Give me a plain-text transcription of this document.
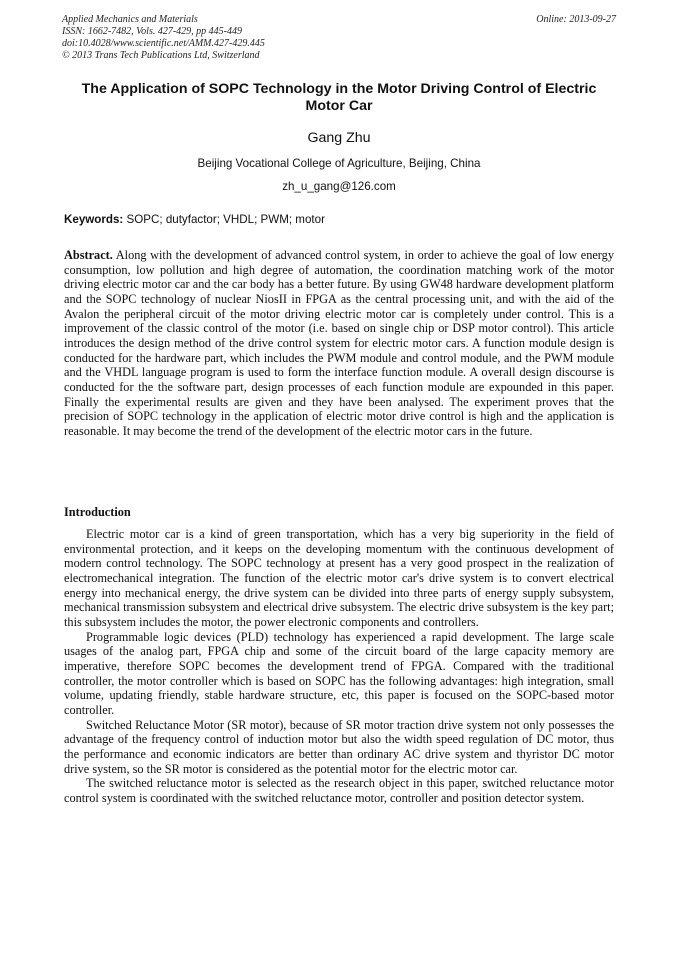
Applied Mechanics and Materials
ISSN: 1662-7482, Vols. 427-429, pp 445-449
doi:10.4028/www.scientific.net/AMM.427-429.445
© 2013 Trans Tech Publications Ltd, Switzerland
Online: 2013-09-27
The Application of SOPC Technology in the Motor Driving Control of Electric Motor Car
Gang Zhu
Beijing Vocational College of Agriculture, Beijing, China
zh_u_gang@126.com
Keywords: SOPC; dutyfactor; VHDL; PWM; motor
Abstract. Along with the development of advanced control system, in order to achieve the goal of low energy consumption, low pollution and high degree of automation, the coordination matching work of the motor driving electric motor car and the car body has a better future. By using GW48 hardware development platform and the SOPC technology of nuclear NiosII in FPGA as the central processing unit, and with the aid of the Avalon the peripheral circuit of the motor driving electric motor car is completely under control. This is a improvement of the classic control of the motor (i.e. based on single chip or DSP motor control). This article introduces the design method of the drive control system for electric motor cars. A function module design is conducted for the hardware part, which includes the PWM module and control module, and the PWM module and the VHDL language program is used to form the interface function module. A overall design discourse is conducted for the the software part, design processes of each function module are expounded in this paper. Finally the experimental results are given and they have been analysed. The experiment proves that the precision of SOPC technology in the application of electric motor drive control is high and the application is reasonable. It may become the trend of the development of the electric motor cars in the future.
Introduction

Electric motor car is a kind of green transportation, which has a very big superiority in the field of environmental protection, and it keeps on the developing momentum with the continuous development of modern control technology. The SOPC technology at present has a very good prospect in the realization of electromechanical integration. The function of the electric motor car's drive system is to convert electrical energy into mechanical energy, the drive system can be divided into three parts of energy supply subsystem, mechanical transmission subsystem and electrical drive subsystem. The electric drive subsystem is the key part; this subsystem includes the motor, the power electronic components and controllers.

Programmable logic devices (PLD) technology has experienced a rapid development. The large scale usages of the analog part, FPGA chip and some of the circuit board of the large capacity memory are imperative, therefore SOPC becomes the development trend of FPGA. Compared with the traditional controller, the motor controller which is based on SOPC has the following advantages: high integration, small volume, updating friendly, stable hardware structure, etc, this paper is focused on the SOPC-based motor controller.

Switched Reluctance Motor (SR motor), because of SR motor traction drive system not only possesses the advantage of the frequency control of induction motor but also the width speed regulation of DC motor, thus the performance and economic indicators are better than ordinary AC drive system and thyristor DC motor drive system, so the SR motor is considered as the potential motor for the electric motor car.

The switched reluctance motor is selected as the research object in this paper, switched reluctance motor control system is coordinated with the switched reluctance motor, controller and position detector system.
